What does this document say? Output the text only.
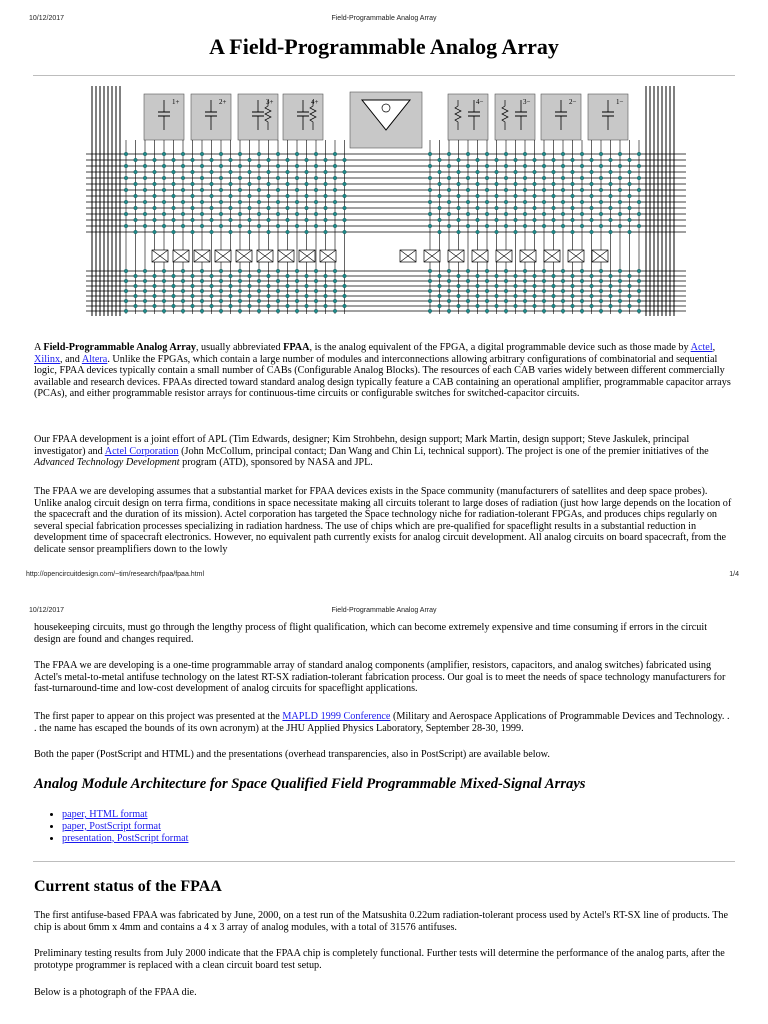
10/12/2017	Field-Programmable Analog Array
A Field-Programmable Analog Array
1+	2+	3+	4+	4−	3−	2−	1−

A Field-Programmable Analog Array, usually abbreviated FPAA, is the analog equivalent of the FPGA, a digital programmable device such as those made by Actel, Xilinx, and Altera. Unlike the FPGAs, which contain a large number of modules and interconnections allowing arbitrary configurations of combinatorial and sequential logic, FPAA devices typically contain a small number of CABs (Configurable Analog Blocks). The resources of each CAB varies widely between different commercially available and research devices. FPAAs directed toward standard analog design typically feature a CAB containing an operational amplifier, programmable capacitor arrays (PCAs), and either programmable resistor arrays for continuous-time circuits or configurable switches for switched-capacitor circuits.

Our FPAA development is a joint effort of APL (Tim Edwards, designer; Kim Strohbehn, design support; Mark Martin, design support; Steve Jaskulek, principal investigator) and Actel Corporation (John McCollum, principal contact; Dan Wang and Chin Li, technical support). The project is one of the premier initiatives of the Advanced Technology Development program (ATD), sponsored by NASA and JPL.

The FPAA we are developing assumes that a substantial market for FPAA devices exists in the Space community (manufacturers of satellites and deep space probes). Unlike analog circuit design on terra firma, conditions in space necessitate making all circuits tolerant to large doses of radiation (just how large depends on the location of the spacecraft and the duration of its mission). Actel corporation has targeted the Space technology niche for radiation-tolerant FPGAs, and produces chips regularly on several special fabrication processes specializing in radiation hardness. The use of chips which are pre-qualified for spaceflight results in a substantial reduction in development time of spacecraft electronics. However, no equivalent path currently exists for analog circuit development. All analog circuits on board spacecraft, from the delicate sensor preamplifiers down to the lowly

http://opencircuitdesign.com/~tim/research/fpaa/fpaa.html	1/4
10/12/2017	Field-Programmable Analog Array

housekeeping circuits, must go through the lengthy process of flight qualification, which can become extremely expensive and time consuming if errors in the circuit design are found and changes required.

The FPAA we are developing is a one-time programmable array of standard analog components (amplifier, resistors, capacitors, and analog switches) fabricated using Actel's metal-to-metal antifuse technology on the latest RT-SX radiation-tolerant fabrication process. Our goal is to meet the needs of space technology manufacturers for fast-turnaround-time and low-cost development of analog circuits for spaceflight applications.

The first paper to appear on this project was presented at the MAPLD 1999 Conference (Military and Aerospace Applications of Programmable Devices and Technology. . . the name has escaped the bounds of its own acronym) at the JHU Applied Physics Laboratory, September 28-30, 1999.

Both the paper (PostScript and HTML) and the presentations (overhead transparencies, also in PostScript) are available below.

Analog Module Architecture for Space Qualified Field Programmable Mixed-Signal Arrays
• paper, HTML format
• paper, PostScript format
• presentation, PostScript format
Current status of the FPAA

The first antifuse-based FPAA was fabricated by June, 2000, on a test run of the Matsushita 0.22um radiation-tolerant process used by Actel's RT-SX line of products. The chip is about 6mm x 4mm and contains a 4 x 3 array of analog modules, with a total of 31576 antifuses.

Preliminary testing results from July 2000 indicate that the FPAA chip is completely functional. Further tests will determine the performance of the analog parts, after the prototype programmer is replaced with a clean circuit board test setup.

Below is a photograph of the FPAA die.
